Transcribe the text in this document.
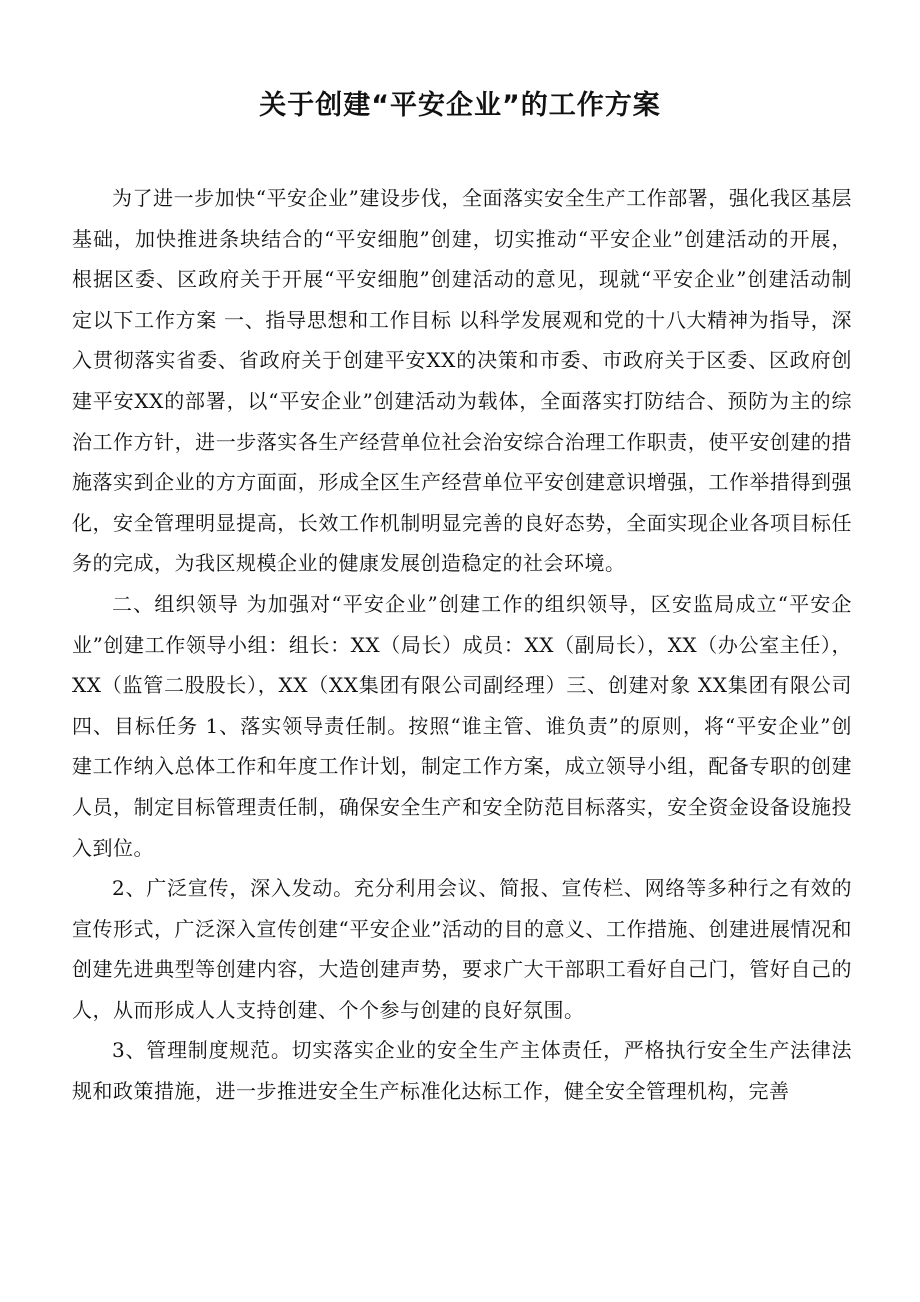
关于创建“平安企业”的工作方案

为了进一步加快“平安企业”建设步伐，全面落实安全生产工作部署，强化我区基层基础，加快推进条块结合的“平安细胞”创建，切实推动“平安企业”创建活动的开展，根据区委、区政府关于开展“平安细胞”创建活动的意见，现就“平安企业”创建活动制定以下工作方案 一、指导思想和工作目标 以科学发展观和党的十八大精神为指导，深入贯彻落实省委、省政府关于创建平安XX的决策和市委、市政府关于区委、区政府创建平安XX的部署，以“平安企业”创建活动为载体，全面落实打防结合、预防为主的综治工作方针，进一步落实各生产经营单位社会治安综合治理工作职责，使平安创建的措施落实到企业的方方面面，形成全区生产经营单位平安创建意识增强，工作举措得到强化，安全管理明显提高，长效工作机制明显完善的良好态势，全面实现企业各项目标任务的完成，为我区规模企业的健康发展创造稳定的社会环境。

二、组织领导 为加强对“平安企业”创建工作的组织领导，区安监局成立“平安企业”创建工作领导小组：组长：XX（局长）成员：XX（副局长），XX（办公室主任），XX（监管二股股长），XX（XX集团有限公司副经理）三、创建对象 XX集团有限公司 四、目标任务 1、落实领导责任制。按照“谁主管、谁负责”的原则，将“平安企业”创建工作纳入总体工作和年度工作计划，制定工作方案，成立领导小组，配备专职的创建人员，制定目标管理责任制，确保安全生产和安全防范目标落实，安全资金设备设施投入到位。

2、广泛宣传，深入发动。充分利用会议、简报、宣传栏、网络等多种行之有效的宣传形式，广泛深入宣传创建“平安企业”活动的目的意义、工作措施、创建进展情况和创建先进典型等创建内容，大造创建声势，要求广大干部职工看好自己门，管好自己的人，从而形成人人支持创建、个个参与创建的良好氛围。

3、管理制度规范。切实落实企业的安全生产主体责任，严格执行安全生产法律法规和政策措施，进一步推进安全生产标准化达标工作，健全安全管理机构，完善
